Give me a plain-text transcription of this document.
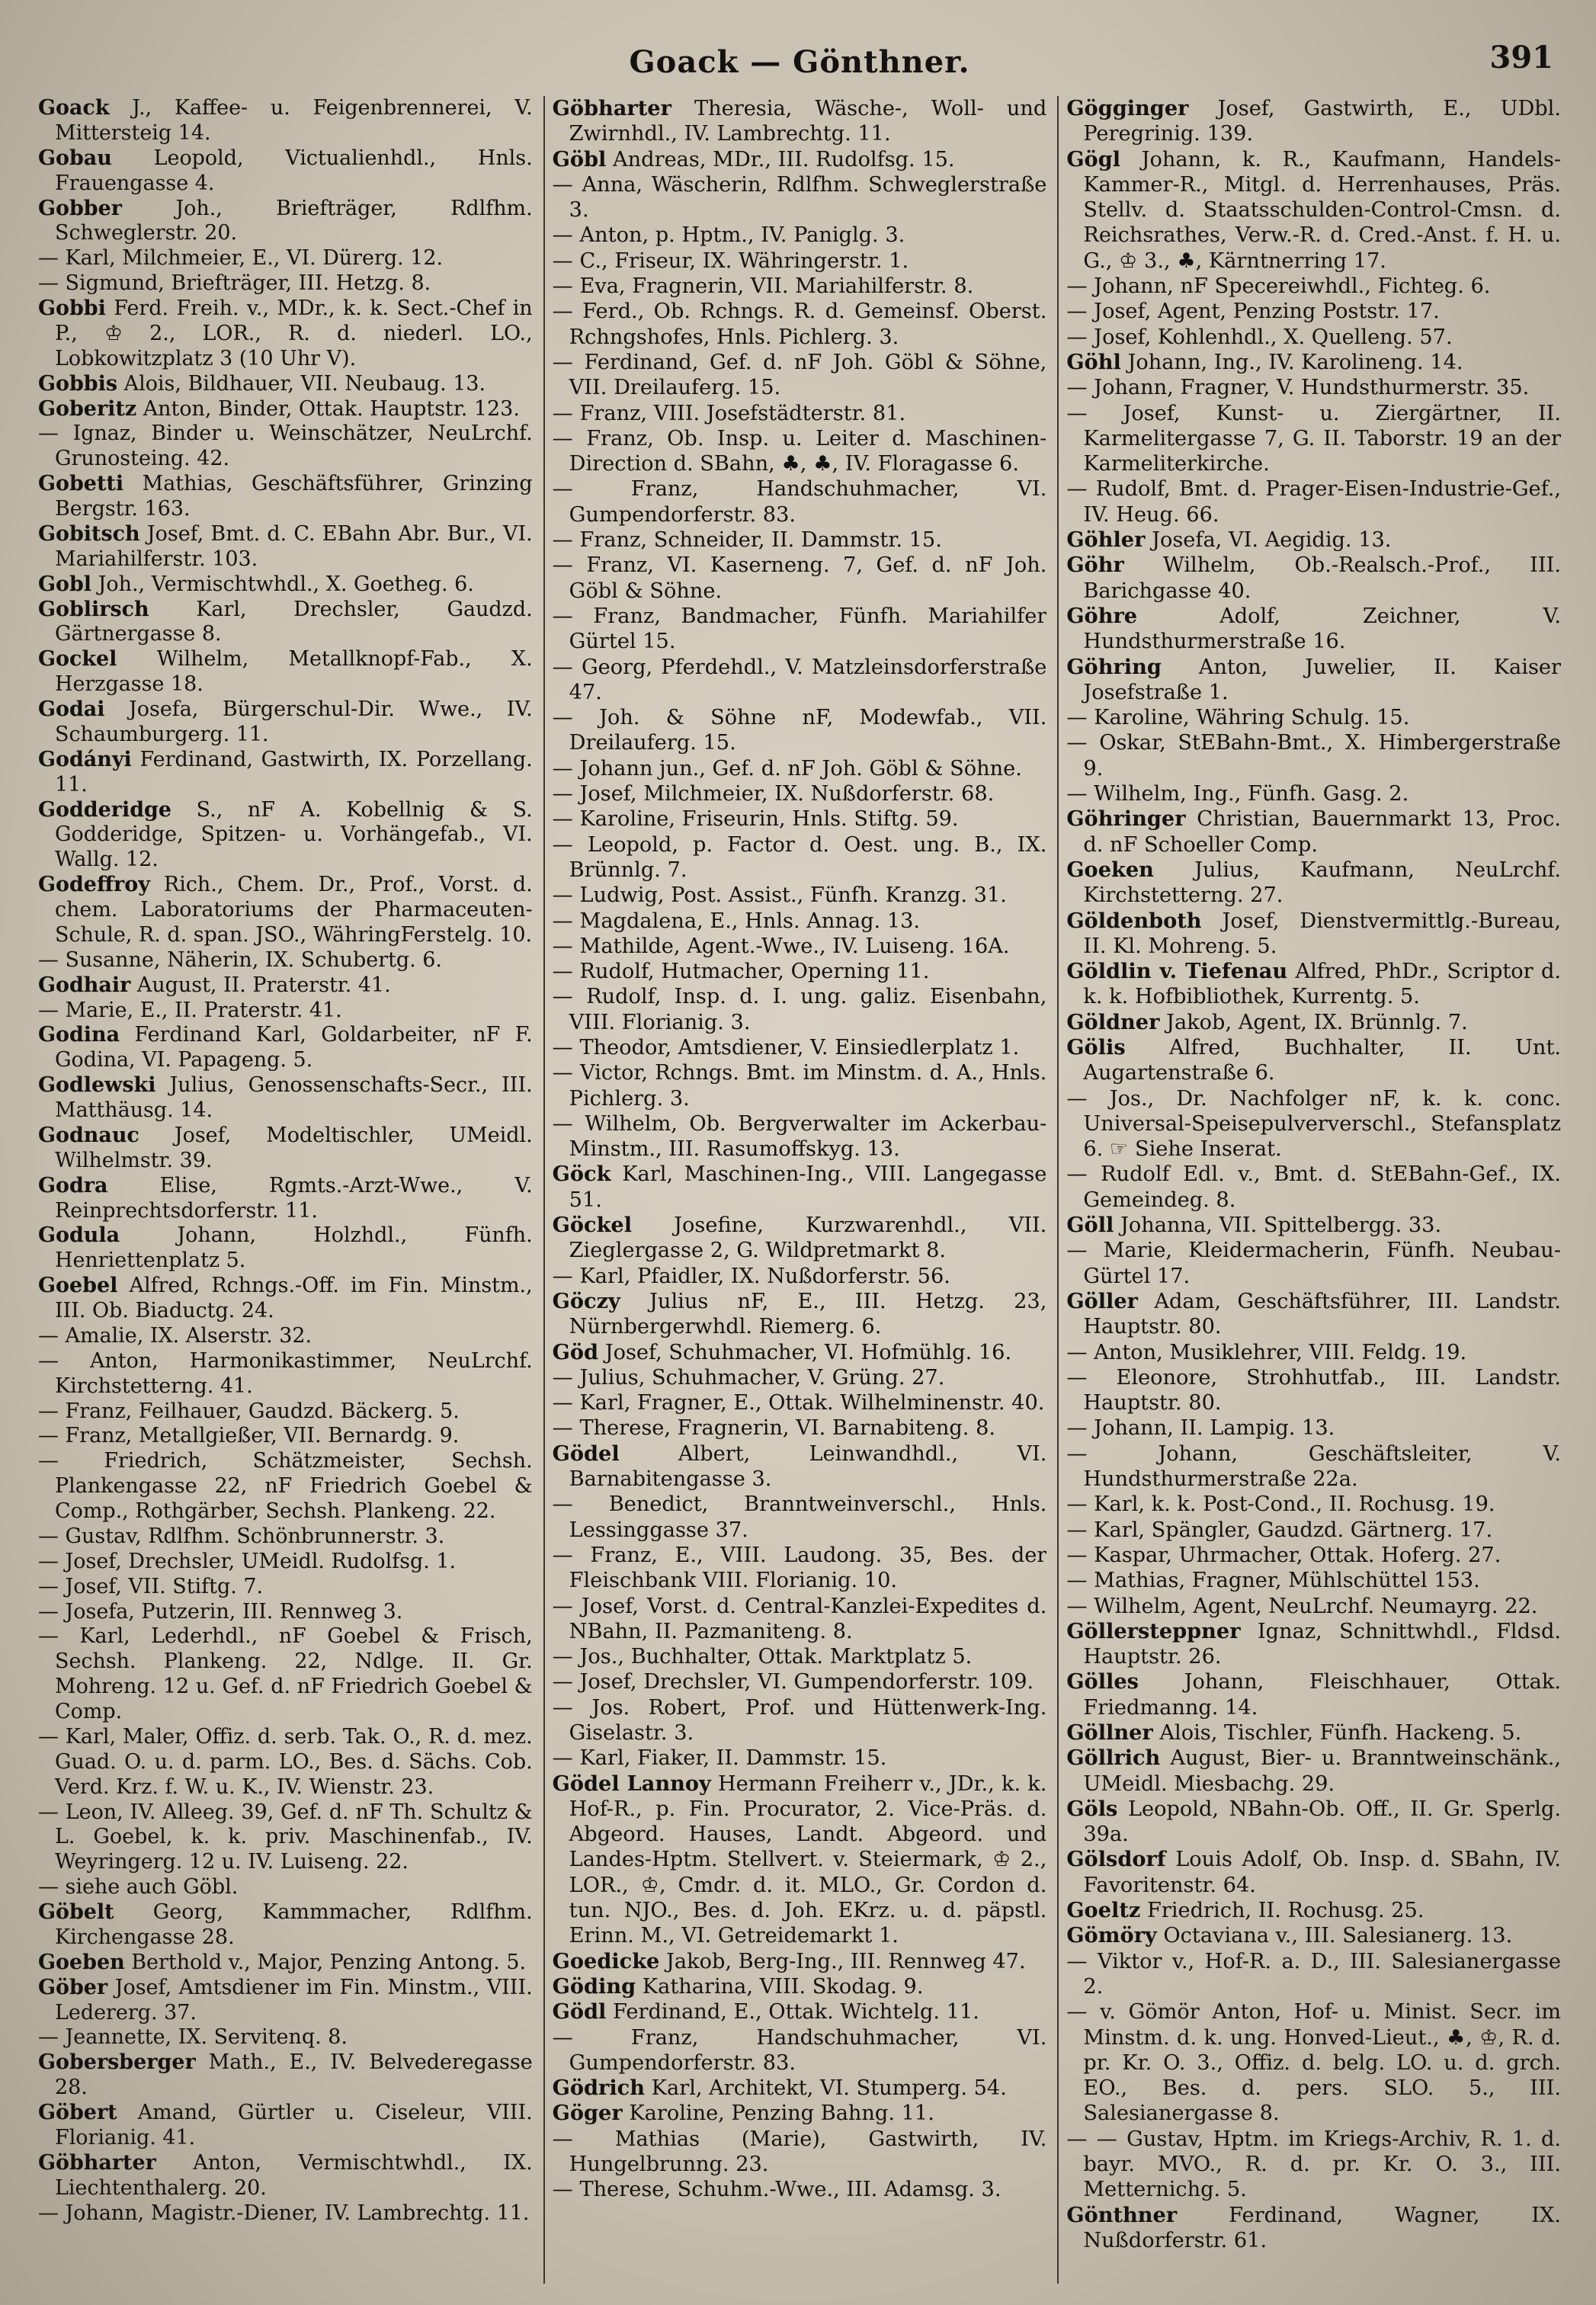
Goack — Gönthner.	391

Goack J., Kaffee- u. Feigenbrennerei, V. Mittersteig 14.

Gobau Leopold, Victualienhdl., Hnls. Frauengasse 4.

Gobber	Joh., Briefträger, Rdlfhm. Schweglerstr. 20.

— Karl, Milchmeier, E., VI. Dürerg. 12.

— Sigmund, Briefträger, III. Hetzg. 8.

Gobbi Ferd. Freih. v., MDr., k. k. Sect.-Chef in P., ♔ 2., LOR., R. d. niederl. LO., Lobkowitzplatz 3 (10 Uhr V).

Gobbis Alois, Bildhauer, VII. Neubaug. 13.

Goberitz Anton, Binder, Ottak. Hauptstr. 123.

— Ignaz, Binder u. Weinschätzer, NeuLrchf. Grunosteing. 42.

Gobetti Mathias, Geschäftsführer, Grinzing Bergstr. 163.

Gobitsch Josef, Bmt. d. C. EBahn Abr. Bur., VI. Mariahilferstr. 103.

Gobl Joh., Vermischtwhdl., X. Goetheg. 6.

Goblirsch Karl, Drechsler, Gaudzd. Gärtnergasse 8.

Gockel Wilhelm, Metallknopf-Fab., X. Herzgasse 18.

Godai Josefa, Bürgerschul-Dir. Wwe., IV. Schaumburgerg. 11.

Godányi Ferdinand, Gastwirth, IX. Porzellang. 11.

Godderidge S., nF A. Kobellnig & S. Godderidge, Spitzen- u. Vorhängefab., VI. Wallg. 12.

Godeffroy Rich., Chem. Dr., Prof., Vorst. d. chem. Laboratoriums der Pharmaceuten-Schule, R. d. span. JSO., WähringFerstelg. 10.

— Susanne, Näherin, IX. Schubertg. 6.

Godhair August, II. Praterstr. 41.

— Marie, E., II. Praterstr. 41.

Godina Ferdinand Karl, Goldarbeiter, nF F. Godina, VI. Papageng. 5.

Godlewski Julius, Genossenschafts-Secr., III. Matthäusg. 14.

Godnauc Josef, Modeltischler, UMeidl. Wilhelmstr. 39.

Godra	Elise, Rgmts.-Arzt-Wwe., V. Reinprechtsdorferstr. 11.

Godula	Johann, Holzhdl., Fünfh. Henriettenplatz 5.

Goebel Alfred, Rchngs.-Off. im Fin. Minstm., III. Ob. Biaductg. 24.

— Amalie, IX. Alserstr. 32.

— Anton, Harmonikastimmer, NeuLrchf. Kirchstetterng. 41.

— Franz, Feilhauer, Gaudzd. Bäckerg. 5.

— Franz, Metallgießer, VII. Bernardg. 9.

— Friedrich, Schätzmeister, Sechsh. Plankengasse 22, nF Friedrich Goebel & Comp., Rothgärber, Sechsh. Plankeng. 22.

— Gustav, Rdlfhm. Schönbrunnerstr. 3.

— Josef, Drechsler, UMeidl. Rudolfsg. 1.

— Josef, VII. Stiftg. 7.

— Josefa, Putzerin, III. Rennweg 3.

— Karl, Lederhdl., nF Goebel & Frisch, Sechsh. Plankeng. 22, Ndlge. II. Gr. Mohreng. 12 u. Gef. d. nF Friedrich Goebel & Comp.

— Karl, Maler, Offiz. d. serb. Tak. O., R. d. mez. Guad. O. u. d. parm. LO., Bes. d. Sächs. Cob. Verd. Krz. f. W. u. K., IV. Wienstr. 23.

— Leon, IV. Alleeg. 39, Gef. d. nF Th. Schultz & L. Goebel, k. k. priv. Maschinenfab., IV. Weyringerg. 12 u. IV. Luiseng. 22.

— siehe auch Göbl.

Göbelt Georg, Kammmacher, Rdlfhm. Kirchengasse 28.

Goeben Berthold v., Major, Penzing Antong. 5.

Göber Josef, Amtsdiener im Fin. Minstm., VIII. Ledererg. 37.

— Jeannette, IX. Servitenq. 8.

Gobersberger Math., E., IV. Belvederegasse 28.

Göbert Amand, Gürtler u. Ciseleur, VIII. Florianig. 41.

Göbharter Anton, Vermischtwhdl., IX. Liechtenthalerg. 20.

— Johann, Magistr.-Diener, IV. Lambrechtg. 11.

Göbharter Theresia, Wäsche-, Woll- und Zwirnhdl., IV. Lambrechtg. 11.

Göbl Andreas, MDr., III. Rudolfsg. 15.

— Anna, Wäscherin, Rdlfhm. Schweglerstraße 3.

— Anton, p. Hptm., IV. Paniglg. 3.

— C., Friseur, IX. Währingerstr. 1.

— Eva, Fragnerin, VII. Mariahilferstr. 8.

— Ferd., Ob. Rchngs. R. d. Gemeinsf. Oberst. Rchngshofes, Hnls. Pichlerg. 3.

— Ferdinand, Gef. d. nF Joh. Göbl & Söhne, VII. Dreilauferg. 15.

— Franz, VIII. Josefstädterstr. 81.

— Franz, Ob. Insp. u. Leiter d. Maschinen-Direction d. SBahn, ♣, ♣, IV. Floragasse 6.

— Franz, Handschuhmacher, VI. Gumpendorferstr. 83.

— Franz, Schneider, II. Dammstr. 15.

— Franz, VI. Kaserneng. 7, Gef. d. nF Joh. Göbl & Söhne.

— Franz, Bandmacher, Fünfh. Mariahilfer Gürtel 15.

— Georg, Pferdehdl., V. Matzleinsdorferstraße 47.

— Joh. & Söhne nF, Modewfab., VII. Dreilauferg. 15.

— Johann jun., Gef. d. nF Joh. Göbl & Söhne.

— Josef, Milchmeier, IX. Nußdorferstr. 68.

— Karoline, Friseurin, Hnls. Stiftg. 59.

— Leopold, p. Factor d. Oest. ung. B., IX. Brünnlg. 7.

— Ludwig, Post. Assist., Fünfh. Kranzg. 31.

— Magdalena, E., Hnls. Annag. 13.

— Mathilde, Agent.-Wwe., IV. Luiseng. 16A.

— Rudolf, Hutmacher, Operning 11.

— Rudolf, Insp. d. I. ung. galiz. Eisenbahn, VIII. Florianig. 3.

— Theodor, Amtsdiener, V. Einsiedlerplatz 1.

— Victor, Rchngs. Bmt. im Minstm. d. A., Hnls. Pichlerg. 3.

— Wilhelm, Ob. Bergverwalter im Ackerbau-Minstm., III. Rasumoffskyg. 13.

Göck Karl, Maschinen-Ing., VIII. Langegasse 51.

Göckel Josefine, Kurzwarenhdl., VII. Zieglergasse 2, G. Wildpretmarkt 8.

— Karl, Pfaidler, IX. Nußdorferstr. 56.

Göczy Julius nF, E., III. Hetzg. 23, Nürnbergerwhdl. Riemerg. 6.

Göd Josef, Schuhmacher, VI. Hofmühlg. 16.

— Julius, Schuhmacher, V. Grüng. 27.

— Karl, Fragner, E., Ottak. Wilhelminenstr. 40.

— Therese, Fragnerin, VI. Barnabiteng. 8.

Gödel	Albert, Leinwandhdl., VI. Barnabitengasse 3.

— Benedict, Branntweinverschl., Hnls. Lessinggasse 37.

— Franz, E., VIII. Laudong. 35, Bes. der Fleischbank VIII. Florianig. 10.

— Josef, Vorst. d. Central-Kanzlei-Expedites d. NBahn, II. Pazmaniteng. 8.

— Jos., Buchhalter, Ottak. Marktplatz 5.

— Josef, Drechsler, VI. Gumpendorferstr. 109.

— Jos. Robert, Prof. und Hüttenwerk-Ing. Giselastr. 3.

— Karl, Fiaker, II. Dammstr. 15.

Gödel Lannoy Hermann Freiherr v., JDr., k. k. Hof-R., p. Fin. Procurator, 2. Vice-Präs. d. Abgeord. Hauses, Landt. Abgeord. und Landes-Hptm. Stellvert. v. Steiermark, ♔ 2., LOR., ♔, Cmdr. d. it. MLO., Gr. Cordon d. tun. NJO., Bes. d. Joh. EKrz. u. d. päpstl. Erinn. M., VI. Getreidemarkt 1.

Goedicke Jakob, Berg-Ing., III. Rennweg 47.

Göding Katharina, VIII. Skodag. 9.

Gödl Ferdinand, E., Ottak. Wichtelg. 11.

— Franz, Handschuhmacher, VI. Gumpendorferstr. 83.

Gödrich Karl, Architekt, VI. Stumperg. 54.

Göger Karoline, Penzing Bahng. 11.

— Mathias (Marie), Gastwirth, IV. Hungelbrunng. 23.

— Therese, Schuhm.-Wwe., III. Adamsg. 3.

Gögginger Josef, Gastwirth, E., UDbl. Peregrinig. 139.

Gögl Johann, k. R., Kaufmann, Handels-Kammer-R., Mitgl. d. Herrenhauses, Präs. Stellv. d. Staatsschulden-Control-Cmsn. d. Reichsrathes, Verw.-R. d. Cred.-Anst. f. H. u. G., ♔ 3., ♣, Kärntnerring 17.

— Johann, nF Specereiwhdl., Fichteg. 6.

— Josef, Agent, Penzing Poststr. 17.

— Josef, Kohlenhdl., X. Quelleng. 57.

Göhl Johann, Ing., IV. Karolineng. 14.

— Johann, Fragner, V. Hundsthurmerstr. 35.

— Josef, Kunst- u. Ziergärtner, II. Karmelitergasse 7, G. II. Taborstr. 19 an der Karmeliterkirche.

— Rudolf, Bmt. d. Prager-Eisen-Industrie-Gef., IV. Heug. 66.

Göhler Josefa, VI. Aegidig. 13.

Göhr Wilhelm, Ob.-Realsch.-Prof., III. Barichgasse 40.

Göhre	Adolf, Zeichner, V. Hundsthurmerstraße 16.

Göhring Anton, Juwelier, II. Kaiser Josefstraße 1.

— Karoline, Währing Schulg. 15.

— Oskar, StEBahn-Bmt., X. Himbergerstraße 9.

— Wilhelm, Ing., Fünfh. Gasg. 2.

Göhringer Christian, Bauernmarkt 13, Proc. d. nF Schoeller Comp.

Goeken Julius, Kaufmann, NeuLrchf. Kirchstetterng. 27.

Göldenboth Josef, Dienstvermittlg.-Bureau, II. Kl. Mohreng. 5.

Göldlin v. Tiefenau Alfred, PhDr., Scriptor d. k. k. Hofbibliothek, Kurrentg. 5.

Göldner Jakob, Agent, IX. Brünnlg. 7.

Gölis Alfred, Buchhalter, II. Unt. Augartenstraße 6.

— Jos., Dr. Nachfolger nF, k. k. conc. Universal-Speisepulververschl., Stefansplatz 6. ☞ Siehe Inserat.

— Rudolf Edl. v., Bmt. d. StEBahn-Gef., IX. Gemeindeg. 8.

Göll Johanna, VII. Spittelbergg. 33.

— Marie, Kleidermacherin, Fünfh. Neubau-Gürtel 17.

Göller Adam, Geschäftsführer, III. Landstr. Hauptstr. 80.

— Anton, Musiklehrer, VIII. Feldg. 19.

— Eleonore, Strohhutfab., III. Landstr. Hauptstr. 80.

— Johann, II. Lampig. 13.

— Johann, Geschäftsleiter, V. Hundsthurmerstraße 22a.

— Karl, k. k. Post-Cond., II. Rochusg. 19.

— Karl, Spängler, Gaudzd. Gärtnerg. 17.

— Kaspar, Uhrmacher, Ottak. Hoferg. 27.

— Mathias, Fragner, Mühlschüttel 153.

— Wilhelm, Agent, NeuLrchf. Neumayrg. 22.

Göllersteppner Ignaz, Schnittwhdl., Fldsd. Hauptstr. 26.

Gölles Johann, Fleischhauer, Ottak. Friedmanng. 14.

Göllner Alois, Tischler, Fünfh. Hackeng. 5.

Göllrich August, Bier- u. Branntweinschänk., UMeidl. Miesbachg. 29.

Göls Leopold, NBahn-Ob. Off., II. Gr. Sperlg. 39a.

Gölsdorf Louis Adolf, Ob. Insp. d. SBahn, IV. Favoritenstr. 64.

Goeltz Friedrich, II. Rochusg. 25.

Gömöry Octaviana v., III. Salesianerg. 13.

— Viktor v., Hof-R. a. D., III. Salesianergasse 2.

— v. Gömör Anton, Hof- u. Minist. Secr. im Minstm. d. k. ung. Honved-Lieut., ♣, ♔, R. d. pr. Kr. O. 3., Offiz. d. belg. LO. u. d. grch. EO., Bes. d. pers. SLO. 5., III. Salesianergasse 8.

— — Gustav, Hptm. im Kriegs-Archiv, R. 1. d. bayr. MVO., R. d. pr. Kr. O. 3., III. Metternichg. 5.

Gönthner Ferdinand, Wagner, IX. Nußdorferstr. 61.
